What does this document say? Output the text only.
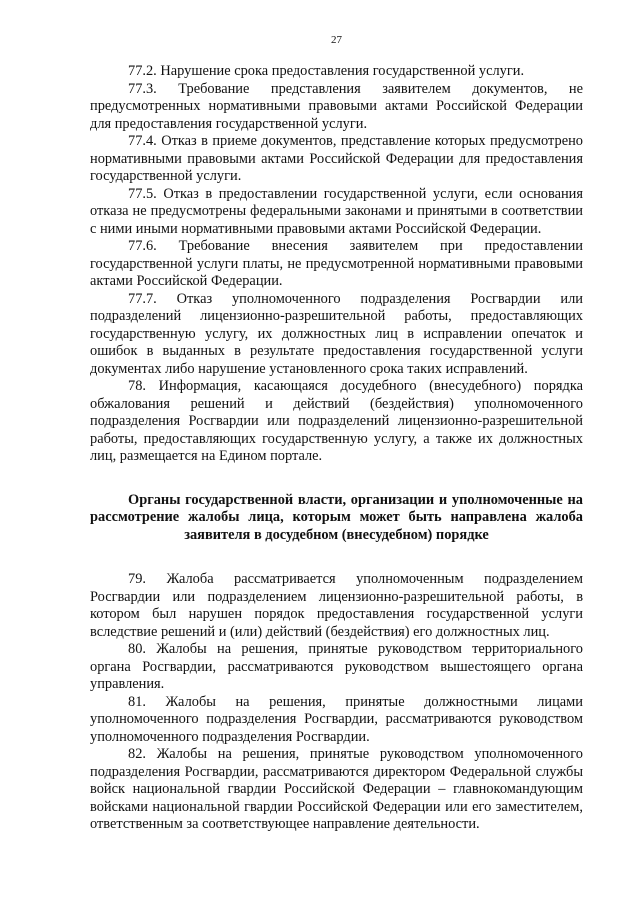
27

77.2. Нарушение срока предоставления государственной услуги.

77.3. Требование представления заявителем документов, не предусмотренных нормативными правовыми актами Российской Федерации для предоставления государственной услуги.

77.4. Отказ в приеме документов, представление которых предусмотрено нормативными правовыми актами Российской Федерации для предоставления государственной услуги.

77.5. Отказ в предоставлении государственной услуги, если основания отказа не предусмотрены федеральными законами и принятыми в соответствии с ними иными нормативными правовыми актами Российской Федерации.

77.6. Требование внесения заявителем при предоставлении государственной услуги платы, не предусмотренной нормативными правовыми актами Российской Федерации.

77.7. Отказ уполномоченного подразделения Росгвардии или подразделений лицензионно-разрешительной работы, предоставляющих государственную услугу, их должностных лиц в исправлении опечаток и ошибок в выданных в результате предоставления государственной услуги документах либо нарушение установленного срока таких исправлений.

78. Информация, касающаяся досудебного (внесудебного) порядка обжалования решений и действий (бездействия) уполномоченного подразделения Росгвардии или подразделений лицензионно-разрешительной работы, предоставляющих государственную услугу, а также их должностных лиц, размещается на Едином портале.

Органы государственной власти, организации и уполномоченные на рассмотрение жалобы лица, которым может быть направлена жалоба заявителя в досудебном (внесудебном) порядке

79. Жалоба рассматривается уполномоченным подразделением Росгвардии или подразделением лицензионно-разрешительной работы, в котором был нарушен порядок предоставления государственной услуги вследствие решений и (или) действий (бездействия) его должностных лиц.

80. Жалобы на решения, принятые руководством территориального органа Росгвардии, рассматриваются руководством вышестоящего органа управления.

81. Жалобы на решения, принятые должностными лицами уполномоченного подразделения Росгвардии, рассматриваются руководством уполномоченного подразделения Росгвардии.

82. Жалобы на решения, принятые руководством уполномоченного подразделения Росгвардии, рассматриваются директором Федеральной службы войск национальной гвардии Российской Федерации – главнокомандующим войсками национальной гвардии Российской Федерации или его заместителем, ответственным за соответствующее направление деятельности.
